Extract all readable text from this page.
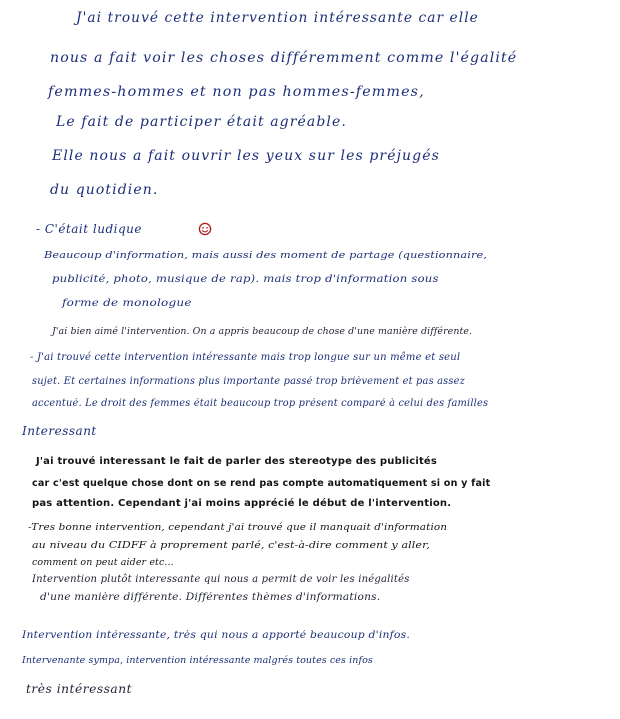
J'ai trouvé cette intervention intéressante car elle
nous a fait voir les choses différemment comme l'égalité
femmes-hommes et non pas hommes-femmes,
Le fait de participer était agréable.
Elle nous a fait ouvrir les yeux sur les préjugés
du quotidien.
- C'était ludique
Beaucoup d'information, mais aussi des moment de partage (questionnaire,
publicité, photo, musique de rap). mais trop d'information sous
forme de monologue
J'ai bien aimé l'intervention. On a appris beaucoup de chose d'une manière différente.
- J'ai trouvé cette intervention intéressante mais trop longue sur un même et seul
sujet. Et certaines informations plus importante passé trop brièvement et pas assez
accentué. Le droit des femmes était beaucoup trop présent comparé à celui des familles
Interessant
J'ai trouvé interessant le fait de parler des stereotype des publicités
car c'est quelque chose dont on se rend pas compte automatiquement si on y fait
pas attention. Cependant j'ai moins apprécié le début de l'intervention.
-Tres bonne intervention, cependant j'ai trouvé que il manquait d'information
au niveau du CIDFF à proprement parlé, c'est-à-dire comment y aller,
comment on peut aider etc...
Intervention plutôt interessante qui nous a permit de voir les inégalités
d'une manière différente. Différentes thèmes d'informations.
Intervention intéressante, très qui nous a apporté beaucoup d'infos.
Intervenante sympa, intervention intéressante malgrés toutes ces infos
très intéressant
